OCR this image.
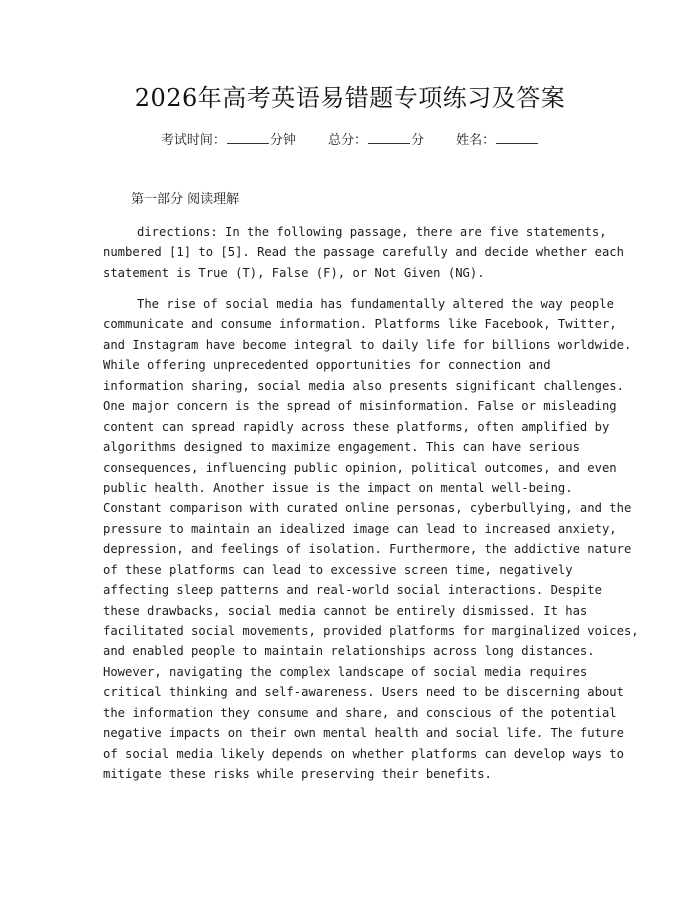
2026年高考英语易错题专项练习及答案
考试时间：	分钟 总分：	分 姓名：
第一部分 阅读理解
directions: In the following passage, there are five statements,
numbered [1] to [5]. Read the passage carefully and decide whether each
statement is True (T), False (F), or Not Given (NG).
The rise of social media has fundamentally altered the way people
communicate and consume information. Platforms like Facebook, Twitter,
and Instagram have become integral to daily life for billions worldwide.
While offering unprecedented opportunities for connection and
information sharing, social media also presents significant challenges.
One major concern is the spread of misinformation. False or misleading
content can spread rapidly across these platforms, often amplified by
algorithms designed to maximize engagement. This can have serious
consequences, influencing public opinion, political outcomes, and even
public health. Another issue is the impact on mental well-being.
Constant comparison with curated online personas, cyberbullying, and the
pressure to maintain an idealized image can lead to increased anxiety,
depression, and feelings of isolation. Furthermore, the addictive nature
of these platforms can lead to excessive screen time, negatively
affecting sleep patterns and real-world social interactions. Despite
these drawbacks, social media cannot be entirely dismissed. It has
facilitated social movements, provided platforms for marginalized voices,
and enabled people to maintain relationships across long distances.
However, navigating the complex landscape of social media requires
critical thinking and self-awareness. Users need to be discerning about
the information they consume and share, and conscious of the potential
negative impacts on their own mental health and social life. The future
of social media likely depends on whether platforms can develop ways to
mitigate these risks while preserving their benefits.
